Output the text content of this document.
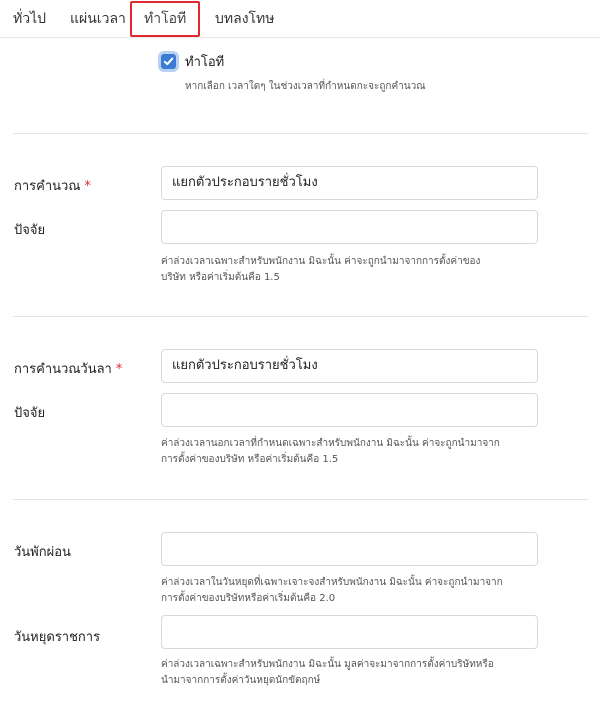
ทั่วไป แผ่นเวลา	ทำโอที	บทลงโทษ
ทำโอที
หากเลือก เวลาใดๆ ในช่วงเวลาที่กำหนดกะจะถูกคำนวณ
การคำนวณ *	แยกตัวประกอบรายชั่วโมง
ปัจจัย
ค่าล่วงเวลาเฉพาะสำหรับพนักงาน มิฉะนั้น ค่าจะถูกนำมาจากการตั้งค่าของ
บริษัท หรือค่าเริ่มต้นคือ 1.5
การคำนวณวันลา *	แยกตัวประกอบรายชั่วโมง
ปัจจัย
ค่าล่วงเวลานอกเวลาที่กำหนดเฉพาะสำหรับพนักงาน มิฉะนั้น ค่าจะถูกนำมาจาก
การตั้งค่าของบริษัท หรือค่าเริ่มต้นคือ 1.5
วันพักผ่อน
ค่าล่วงเวลาในวันหยุดที่เฉพาะเจาะจงสำหรับพนักงาน มิฉะนั้น ค่าจะถูกนำมาจาก
การตั้งค่าของบริษัทหรือค่าเริ่มต้นคือ 2.0
วันหยุดราชการ
ค่าล่วงเวลาเฉพาะสำหรับพนักงาน มิฉะนั้น มูลค่าจะมาจากการตั้งค่าบริษัทหรือ
นำมาจากการตั้งค่าวันหยุดนักขัตฤกษ์
